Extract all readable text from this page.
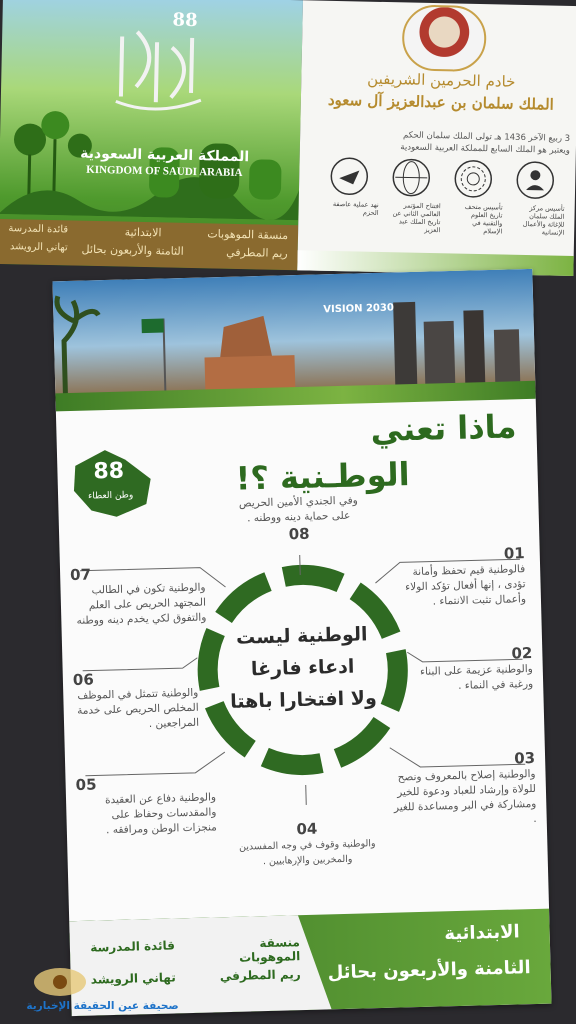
88
المملكة العربية السعودية
KINGDOM OF SAUDI ARABIA
منسقة الموهوبات
ريم المطرفي
الابتدائية
الثامنة والأربعون بحائل
قائدة المدرسة
تهاني الرويشد
خادم الحرمين الشريفين
الملك سلمان بن عبدالعزيز آل سعود
3 ربيع الآخر 1436 هـ تولى الملك سلمان الحكم
ويعتبر هو الملك السابع للمملكة العربية السعودية
نهد عملية عاصفة الحزم
افتتاح المؤتمر العالمي الثاني عن تاريخ الملك عبد العزيز
تأسيس متحف تاريخ العلوم والتقنية في الإسلام
تأسيس مركز الملك سلمان للإغاثة والأعمال الإنسانية
VISION 2030
ماذا تعني
الوطـنية ؟!
88
وطن العطاء
الوطنية ليست
ادعاء فارغا
ولا افتخارا باهتا
وفي الجندي الأمين الحريص على حماية دينه ووطنه .
08
01
فالوطنية قيم تحفظ وأمانة تؤدى ، إنها أفعال تؤكد الولاء وأعمال تثبت الانتماء .
02
والوطنية عزيمة على البناء ورغبة في النماء .
03
والوطنية إصلاح بالمعروف ونصح للولاة وإرشاد للعباد ودعوة للخير ومشاركة في البر ومساعدة للغير .
04
والوطنية وقوف في وجه المفسدين والمخربين والإرهابيين .
05
والوطنية دفاع عن العقيدة والمقدسات وحفاظ على منجزات الوطن ومرافقه .
06
والوطنية تتمثل في الموظف المخلص الحريص على خدمة المراجعين .
07
والوطنية تكون في الطالب المجتهد الحريص على العلم والتفوق لكي يخدم دينه ووطنه .
الابتدائية
الثامنة والأربعون بحائل
منسقة الموهوبات
ريم المطرفي
قائدة المدرسة
تهاني الرويشد
صحيفة عين الحقيقة الإخبارية
